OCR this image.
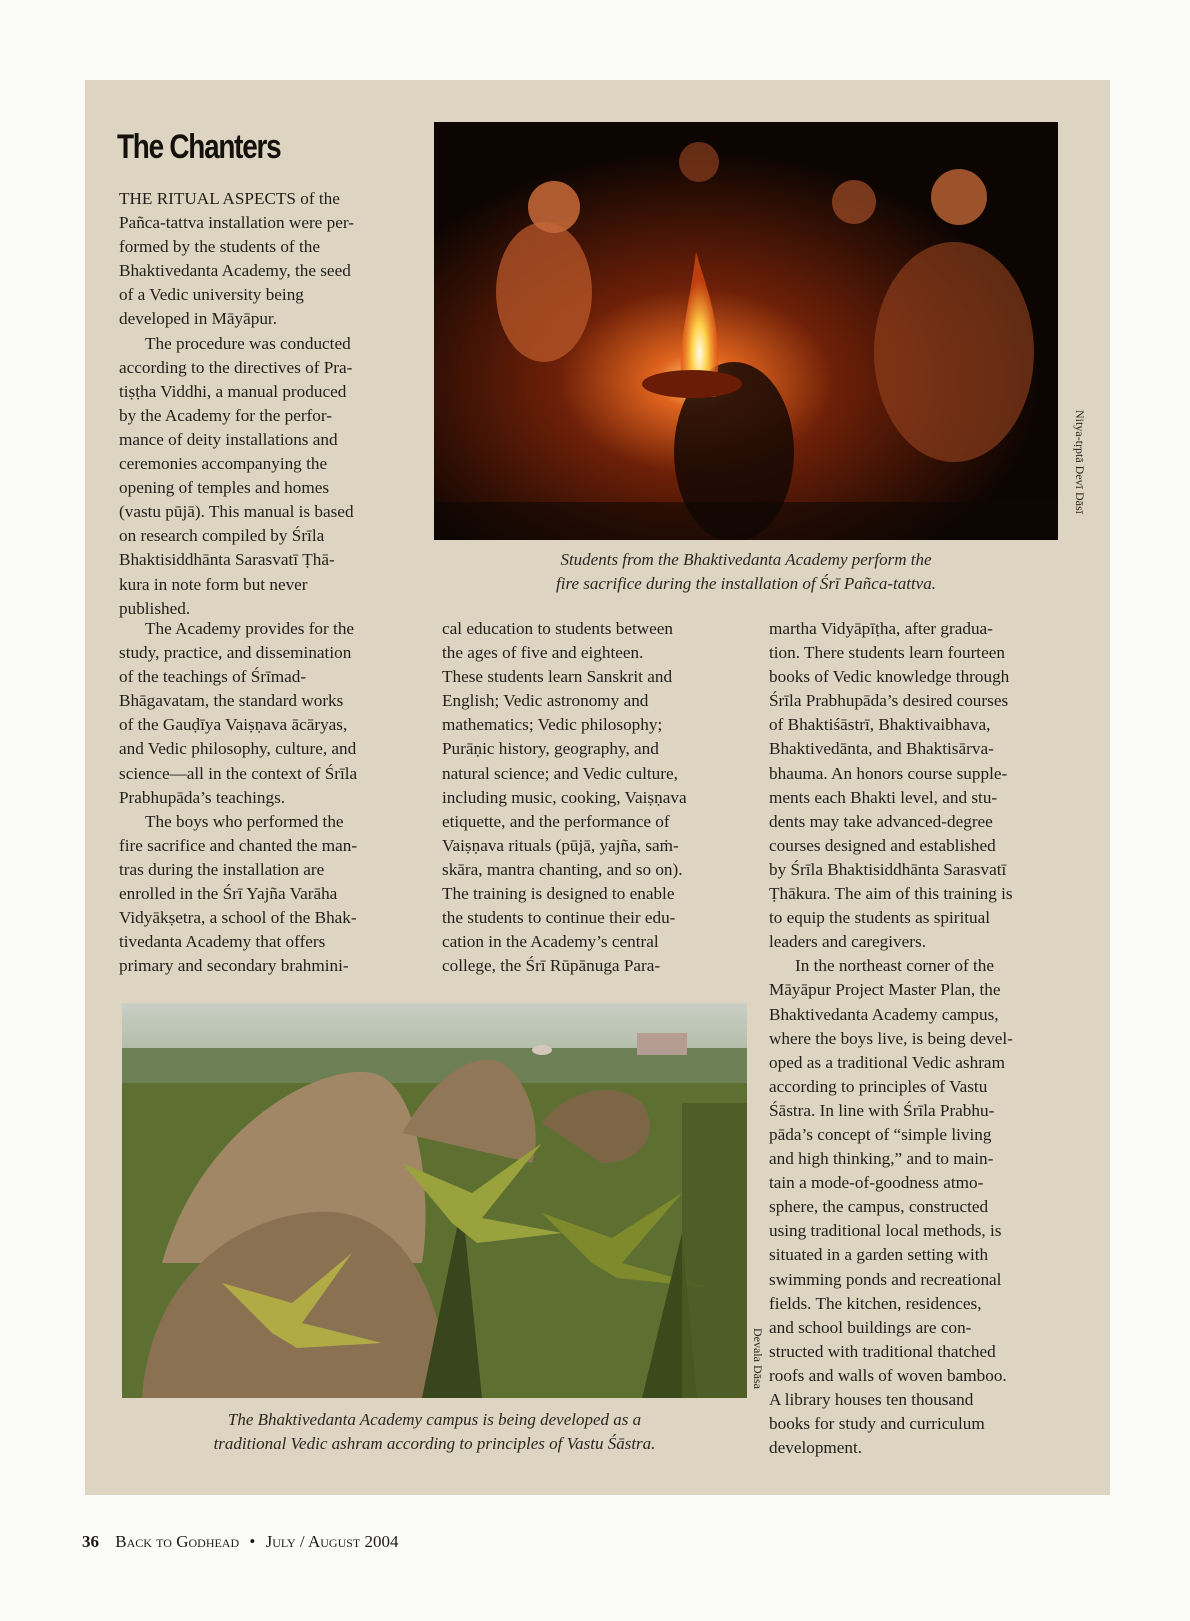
The Chanters
Nitya-tṛptā Devī Dāsī
Students from the Bhaktivedanta Academy perform the
fire sacrifice during the installation of Śrī Pañca-tattva.
Devala Dāsa
The Bhaktivedanta Academy campus is being developed as a
traditional Vedic ashram according to principles of Vastu Śāstra.

THE RITUAL ASPECTS of the
Pañca-tattva installation were per-
formed by the students of the
Bhaktivedanta Academy, the seed
of a Vedic university being
developed in Māyāpur.

The procedure was conducted
according to the directives of Pra-
tiṣṭha Viddhi, a manual produced
by the Academy for the perfor-
mance of deity installations and
ceremonies accompanying the
opening of temples and homes
(vastu pūjā). This manual is based
on research compiled by Śrīla
Bhaktisiddhānta Sarasvatī Ṭhā-
kura in note form but never
published.

The Academy provides for the
study, practice, and dissemination
of the teachings of Śrīmad-
Bhāgavatam, the standard works
of the Gauḍīya Vaiṣṇava ācāryas,
and Vedic philosophy, culture, and
science—all in the context of Śrīla
Prabhupāda’s teachings.

The boys who performed the
fire sacrifice and chanted the man-
tras during the installation are
enrolled in the Śrī Yajña Varāha
Vidyākṣetra, a school of the Bhak-
tivedanta Academy that offers
primary and secondary brahmini-

cal education to students between
the ages of five and eighteen.
These students learn Sanskrit and
English; Vedic astronomy and
mathematics; Vedic philosophy;
Purāṇic history, geography, and
natural science; and Vedic culture,
including music, cooking, Vaiṣṇava
etiquette, and the performance of
Vaiṣṇava rituals (pūjā, yajña, saṁ-
skāra, mantra chanting, and so on).
The training is designed to enable
the students to continue their edu-
cation in the Academy’s central
college, the Śrī Rūpānuga Para-

martha Vidyāpīṭha, after gradua-
tion. There students learn fourteen
books of Vedic knowledge through
Śrīla Prabhupāda’s desired courses
of Bhaktiśāstrī, Bhaktivaibhava,
Bhaktivedānta, and Bhaktisārva-
bhauma. An honors course supple-
ments each Bhakti level, and stu-
dents may take advanced-degree
courses designed and established
by Śrīla Bhaktisiddhānta Sarasvatī
Ṭhākura. The aim of this training is
to equip the students as spiritual
leaders and caregivers.

In the northeast corner of the
Māyāpur Project Master Plan, the
Bhaktivedanta Academy campus,
where the boys live, is being devel-
oped as a traditional Vedic ashram
according to principles of Vastu
Śāstra. In line with Śrīla Prabhu-
pāda’s concept of “simple living
and high thinking,” and to main-
tain a mode-of-goodness atmo-
sphere, the campus, constructed
using traditional local methods, is
situated in a garden setting with
swimming ponds and recreational
fields. The kitchen, residences,
and school buildings are con-
structed with traditional thatched
roofs and walls of woven bamboo.
A library houses ten thousand
books for study and curriculum
development.

36 Back to Godhead • July / August 2004
